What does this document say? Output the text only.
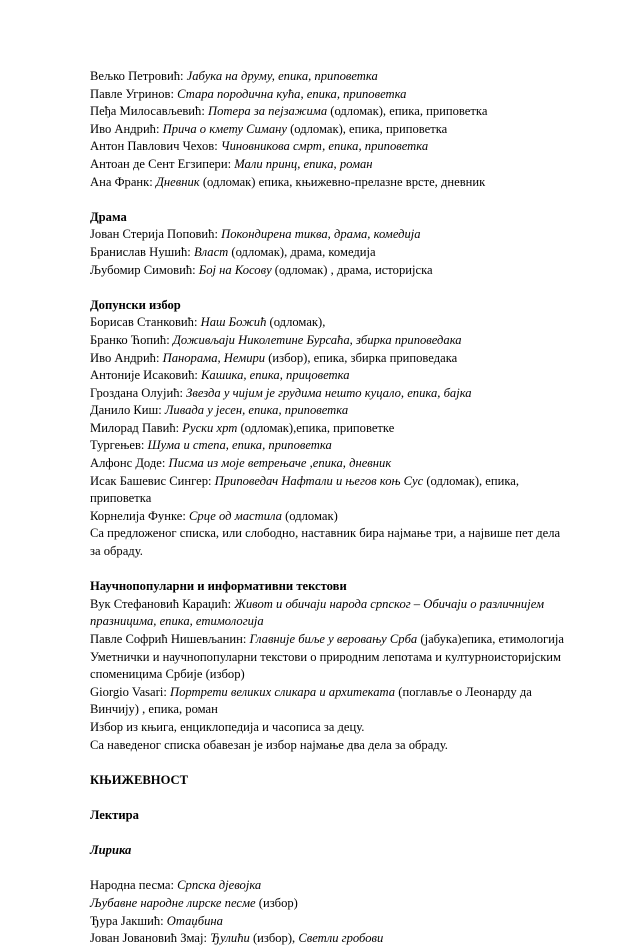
Вељко Петровић: Јабука на друму, епика, приповетка
Павле Угринов: Стара породична кућа, епика, приповетка
Пеђа Милосављевић: Потера за пејзажима (одломак), епика, приповетка
Иво Андрић: Прича о кмету Симану (одломак), епика, приповетка
Антон Павлович Чехов: Чиновникова смрт, епика, приповетка
Антоан де Сент Егзипери: Мали принц, епика, роман
Ана Франк: Дневник (одломак) епика, књижевно-прелазне врсте, дневник
Драма
Јован Стерија Поповић: Покондирена тиква, драма, комедија
Бранислав Нушић: Власт (одломак), драма, комедија
Љубомир Симовић: Бој на Косову (одломак) , драма, историјска
Допунски избор
Борисав Станковић: Наш Божић (одломак),
Бранко Ћопић: Доживљаји Николетине Бурсаћа, збирка приповедака
Иво Андрић: Панорама, Немири (избор), епика, збирка приповедака
Антоније Исаковић: Кашика, епика, прицоветка
Гроздана Олујић: Звезда у чијим је грудима нешто куцало, епика, бајка
Данило Киш: Ливада у јесен, епика, приповетка
Милорад Павић: Руски хрт (одломак),епика, приповетке
Тургењев: Шума и степа, епика, приповетка
Алфонс Доде: Писма из моје ветрењаче ,епика, дневник
Исак Башевис Сингер: Приповедач Нафтали и његов коњ Сус (одломак), епика,
приповетка
Корнелија Функе: Срце од мастила (одломак)
Са предложеног списка, или слободно, наставник бира најмање три, а највише пет дела
за обраду.
Научнопопуларни и информативни текстови
Вук Стефановић Караџић: Живот и обичаји народа српског – Обичаји о различнијем
празницима, епика, етимологија
Павле Софрић Нишевљанин: Главније биље у веровању Срба (јабука)епика, етимологија
Уметнички и научнопопуларни текстови о природним лепотама и културноисторијским
споменицима Србије (избор)
Giorgio Vasari: Портрети великих сликара и архитеката (поглавље о Леонарду да
Винчију) , епика, роман
Избор из књига, енциклопедија и часописа за децу.
Са наведеног списка обавезан је избор најмање два дела за обраду.
КЊИЖЕВНОСТ
Лектира
Лирика
Народна песма: Српска дјевојка
Љубавне народне лирске песме (избор)
Ђура Јакшић: Отаџбина
Јован Јовановић Змај: Ђулићи (избор), Светли гробови
